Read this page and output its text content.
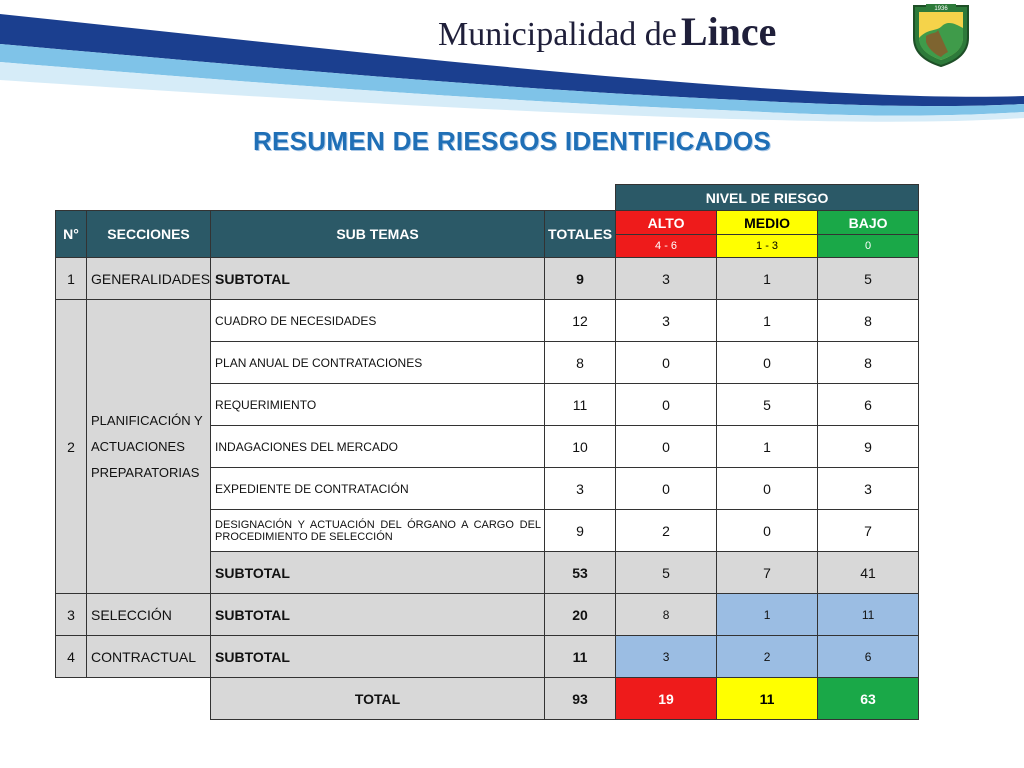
Municipalidad de Lince	1936
RESUMEN DE RIESGOS IDENTIFICADOS
				NIVEL DE RIESGO		
N°	SECCIONES	SUB TEMAS	TOTALES	ALTO	MEDIO	BAJO
				4 - 6	1 - 3	0
1	GENERALIDADES	SUBTOTAL	9	3	1	5
2	PLANIFICACIÓN Y ACTUACIONES PREPARATORIAS	CUADRO DE NECESIDADES	12	3	1	8
		PLAN ANUAL DE CONTRATACIONES	8	0	0	8
		REQUERIMIENTO	11	0	5	6
		INDAGACIONES DEL MERCADO	10	0	1	9
		EXPEDIENTE DE CONTRATACIÓN	3	0	0	3
		DESIGNACIÓN Y ACTUACIÓN DEL ÓRGANO A CARGO DEL PROCEDIMIENTO DE SELECCIÓN	9	2	0	7
		SUBTOTAL	53	5	7	41
3	SELECCIÓN	SUBTOTAL	20	8	1	11
4	CONTRACTUAL	SUBTOTAL	11	3	2	6
		TOTAL	93	19	11	63
